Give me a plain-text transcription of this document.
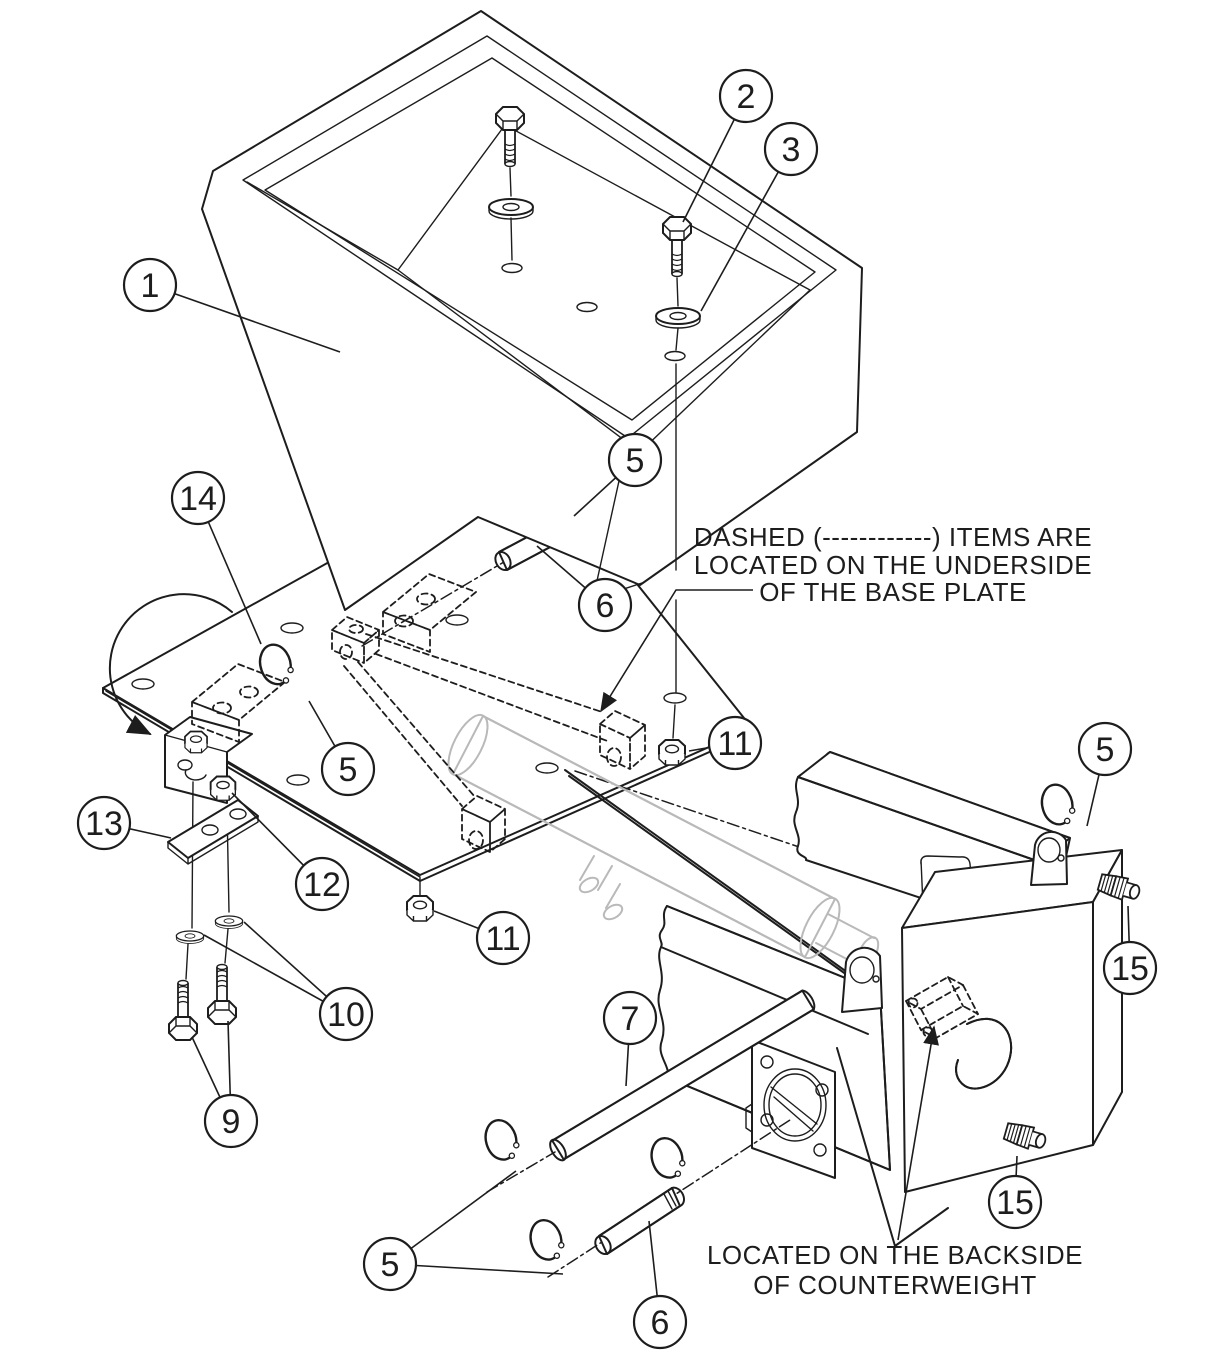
1
2
3
5
6
14
5
11
13
12
11
10
9
7
5
15
5
6
15
DASHED (------------) ITEMS ARE LOCATED ON THE UNDERSIDE OF THE BASE PLATE
LOCATED ON THE BACKSIDE OF COUNTERWEIGHT
